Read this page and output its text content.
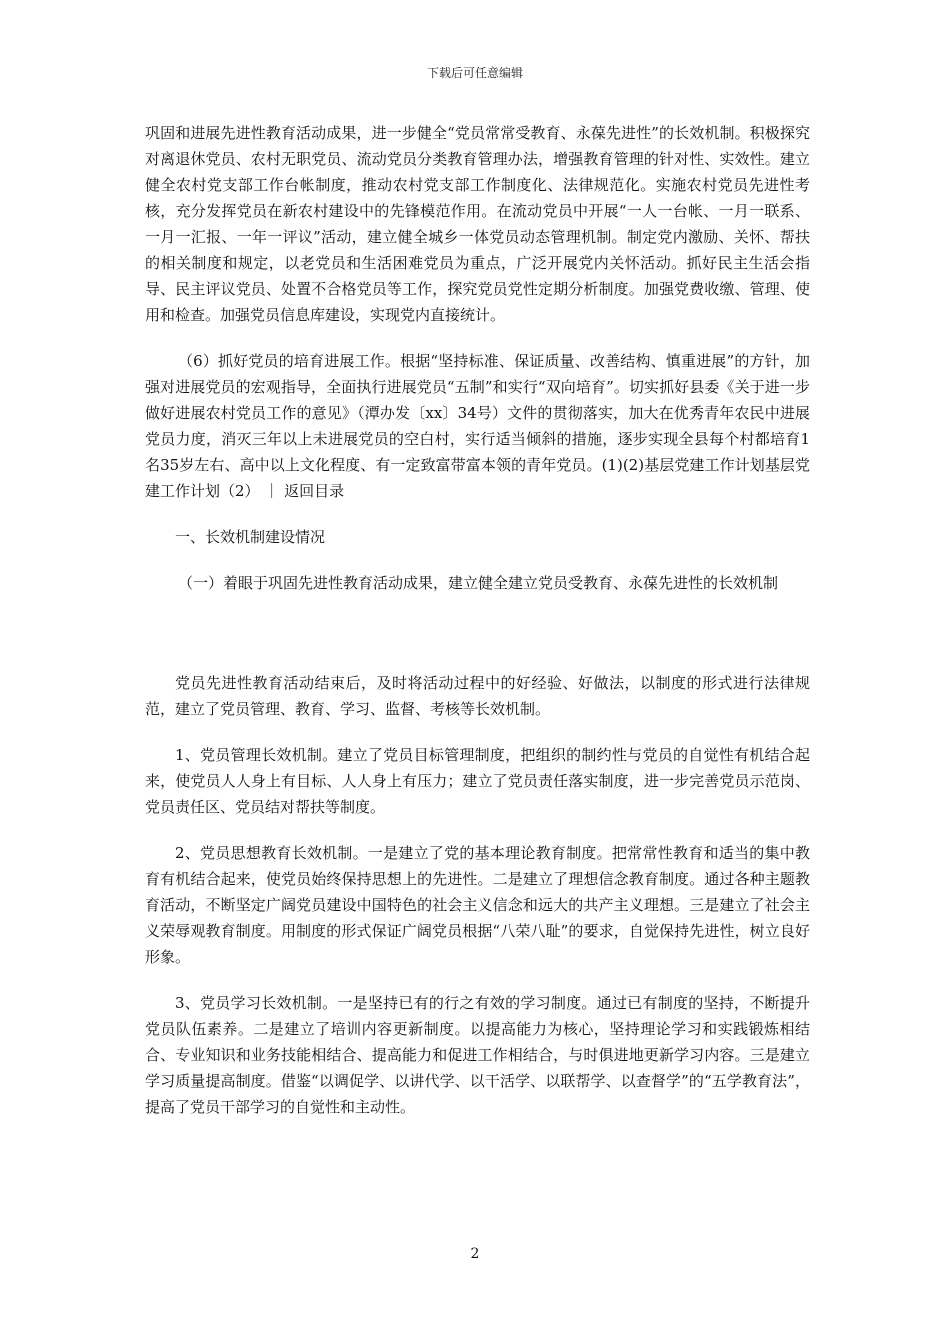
下载后可任意编辑

巩固和进展先进性教育活动成果，进一步健全“党员常常受教育、永葆先进性”的长效机制。积极探究对离退休党员、农村无职党员、流动党员分类教育管理办法，增强教育管理的针对性、实效性。建立健全农村党支部工作台帐制度，推动农村党支部工作制度化、法律规范化。实施农村党员先进性考核，充分发挥党员在新农村建设中的先锋模范作用。在流动党员中开展“一人一台帐、一月一联系、一月一汇报、一年一评议”活动，建立健全城乡一体党员动态管理机制。制定党内激励、关怀、帮扶的相关制度和规定，以老党员和生活困难党员为重点，广泛开展党内关怀活动。抓好民主生活会指导、民主评议党员、处置不合格党员等工作，探究党员党性定期分析制度。加强党费收缴、管理、使用和检查。加强党员信息库建设，实现党内直接统计。

（6）抓好党员的培育进展工作。根据“坚持标准、保证质量、改善结构、慎重进展”的方针，加强对进展党员的宏观指导，全面执行进展党员“五制”和实行“双向培育”。切实抓好县委《关于进一步做好进展农村党员工作的意见》（潭办发〔xx〕34号）文件的贯彻落实，加大在优秀青年农民中进展党员力度，消灭三年以上未进展党员的空白村，实行适当倾斜的措施，逐步实现全县每个村都培育1名35岁左右、高中以上文化程度、有一定致富带富本领的青年党员。(1)(2)基层党建工作计划基层党建工作计划（2） ｜ 返回目录

一、长效机制建设情况

（一）着眼于巩固先进性教育活动成果，建立健全建立党员受教育、永葆先进性的长效机制

党员先进性教育活动结束后，及时将活动过程中的好经验、好做法，以制度的形式进行法律规范，建立了党员管理、教育、学习、监督、考核等长效机制。

1、党员管理长效机制。建立了党员目标管理制度，把组织的制约性与党员的自觉性有机结合起来，使党员人人身上有目标、人人身上有压力；建立了党员责任落实制度，进一步完善党员示范岗、党员责任区、党员结对帮扶等制度。

2、党员思想教育长效机制。一是建立了党的基本理论教育制度。把常常性教育和适当的集中教育有机结合起来，使党员始终保持思想上的先进性。二是建立了理想信念教育制度。通过各种主题教育活动，不断坚定广阔党员建设中国特色的社会主义信念和远大的共产主义理想。三是建立了社会主义荣辱观教育制度。用制度的形式保证广阔党员根据“八荣八耻”的要求，自觉保持先进性，树立良好形象。

3、党员学习长效机制。一是坚持已有的行之有效的学习制度。通过已有制度的坚持，不断提升党员队伍素养。二是建立了培训内容更新制度。以提高能力为核心，坚持理论学习和实践锻炼相结合、专业知识和业务技能相结合、提高能力和促进工作相结合，与时俱进地更新学习内容。三是建立学习质量提高制度。借鉴“以调促学、以讲代学、以干活学、以联帮学、以查督学”的“五学教育法”，提高了党员干部学习的自觉性和主动性。

2
